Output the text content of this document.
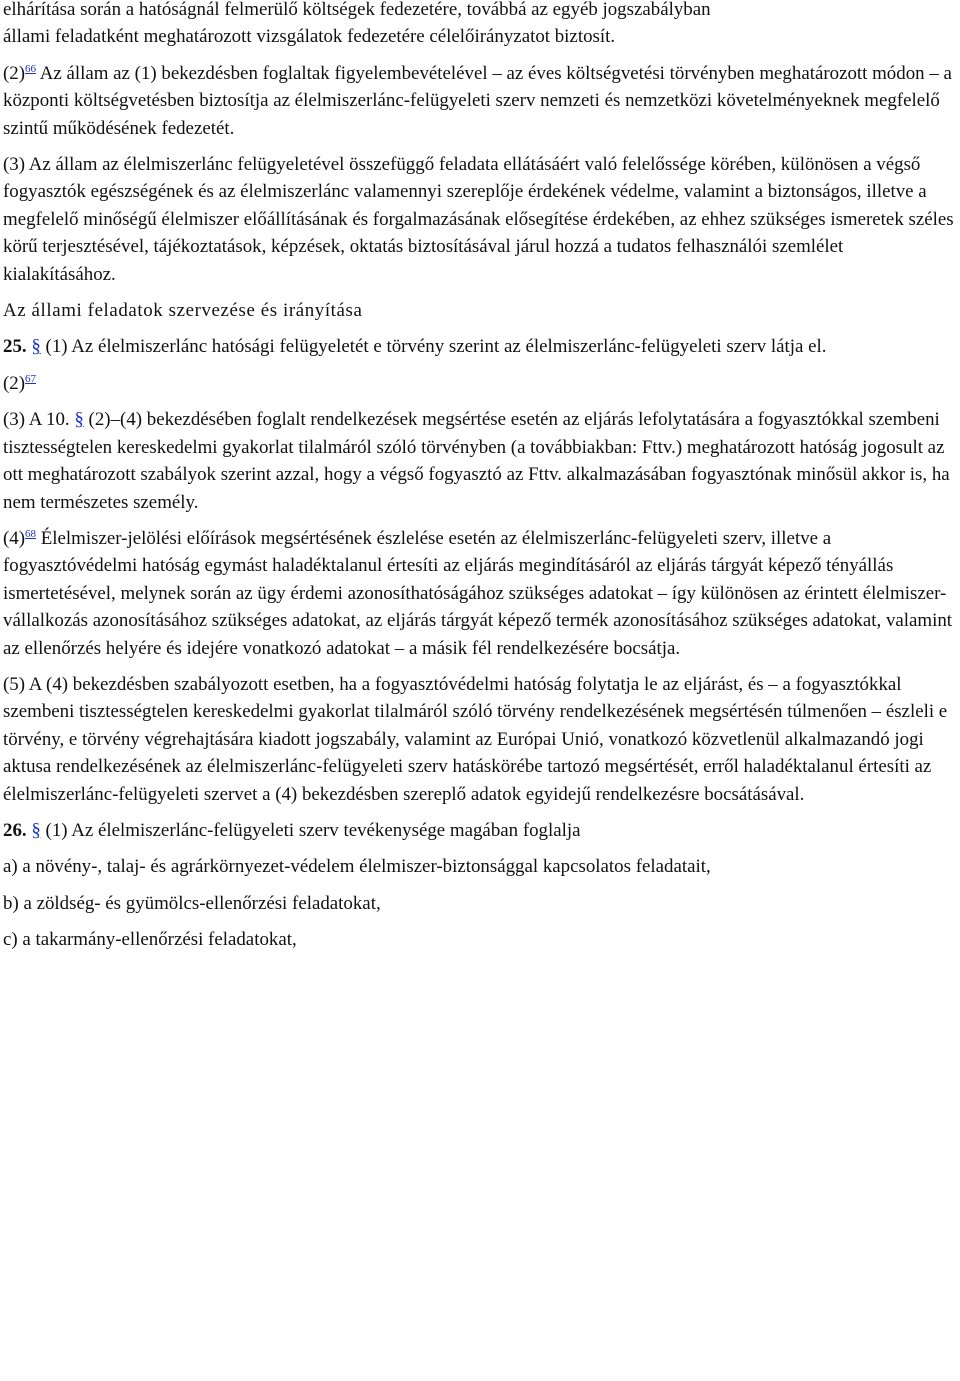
elhárítása során a hatóságnál felmerülő költségek fedezetére, továbbá az egyéb jogszabályban
állami feladatként meghatározott vizsgálatok fedezetére célelőirányzatot biztosít.

$(2)^{66}$ Az állam az (1) bekezdésben foglaltak figyelembevételével – az éves költségvetési törvényben meghatározott módon – a központi költségvetésben biztosítja az élelmiszerlánc-felügyeleti szerv nemzeti és nemzetközi követelményeknek megfelelő szintű működésének fedezetét.

(3) Az állam az élelmiszerlánc felügyeletével összefüggő feladata ellátásáért való felelőssége körében, különösen a végső fogyasztók egészségének és az élelmiszerlánc valamennyi szereplője érdekének védelme, valamint a biztonságos, illetve a megfelelő minőségű élelmiszer előállításának és forgalmazásának elősegítése érdekében, az ehhez szükséges ismeretek széles körű terjesztésével, tájékoztatások, képzések, oktatás biztosításával járul hozzá a tudatos felhasználói szemlélet kialakításához.

Az állami feladatok szervezése és irányítása

25. § (1) Az élelmiszerlánc hatósági felügyeletét e törvény szerint az élelmiszerlánc-felügyeleti szerv látja el.

$(2)^{67}$

(3) A 10. § (2)–(4) bekezdésében foglalt rendelkezések megsértése esetén az eljárás lefolytatására a fogyasztókkal szembeni tisztességtelen kereskedelmi gyakorlat tilalmáról szóló törvényben (a továbbiakban: Fttv.) meghatározott hatóság jogosult az ott meghatározott szabályok szerint azzal, hogy a végső fogyasztó az Fttv. alkalmazásában fogyasztónak minősül akkor is, ha nem természetes személy.

$(4)^{68}$ Élelmiszer-jelölési előírások megsértésének észlelése esetén az élelmiszerlánc-felügyeleti szerv, illetve a fogyasztóvédelmi hatóság egymást haladéktalanul értesíti az eljárás megindításáról az eljárás tárgyát képező tényállás ismertetésével, melynek során az ügy érdemi azonosíthatóságához szükséges adatokat – így különösen az érintett élelmiszer-vállalkozás azonosításához szükséges adatokat, az eljárás tárgyát képező termék azonosításához szükséges adatokat, valamint az ellenőrzés helyére és idejére vonatkozó adatokat – a másik fél rendelkezésére bocsátja.

(5) A (4) bekezdésben szabályozott esetben, ha a fogyasztóvédelmi hatóság folytatja le az eljárást, és – a fogyasztókkal szembeni tisztességtelen kereskedelmi gyakorlat tilalmáról szóló törvény rendelkezésének megsértésén túlmenően – észleli e törvény, e törvény végrehajtására kiadott jogszabály, valamint az Európai Unió, vonatkozó közvetlenül alkalmazandó jogi aktusa rendelkezésének az élelmiszerlánc-felügyeleti szerv hatáskörébe tartozó megsértését, erről haladéktalanul értesíti az élelmiszerlánc-felügyeleti szervet a (4) bekezdésben szereplő adatok egyidejű rendelkezésre bocsátásával.

26. § (1) Az élelmiszerlánc-felügyeleti szerv tevékenysége magában foglalja

a) a növény-, talaj- és agrárkörnyezet-védelem élelmiszer-biztonsággal kapcsolatos feladatait,

b) a zöldség- és gyümölcs-ellenőrzési feladatokat,

c) a takarmány-ellenőrzési feladatokat,
